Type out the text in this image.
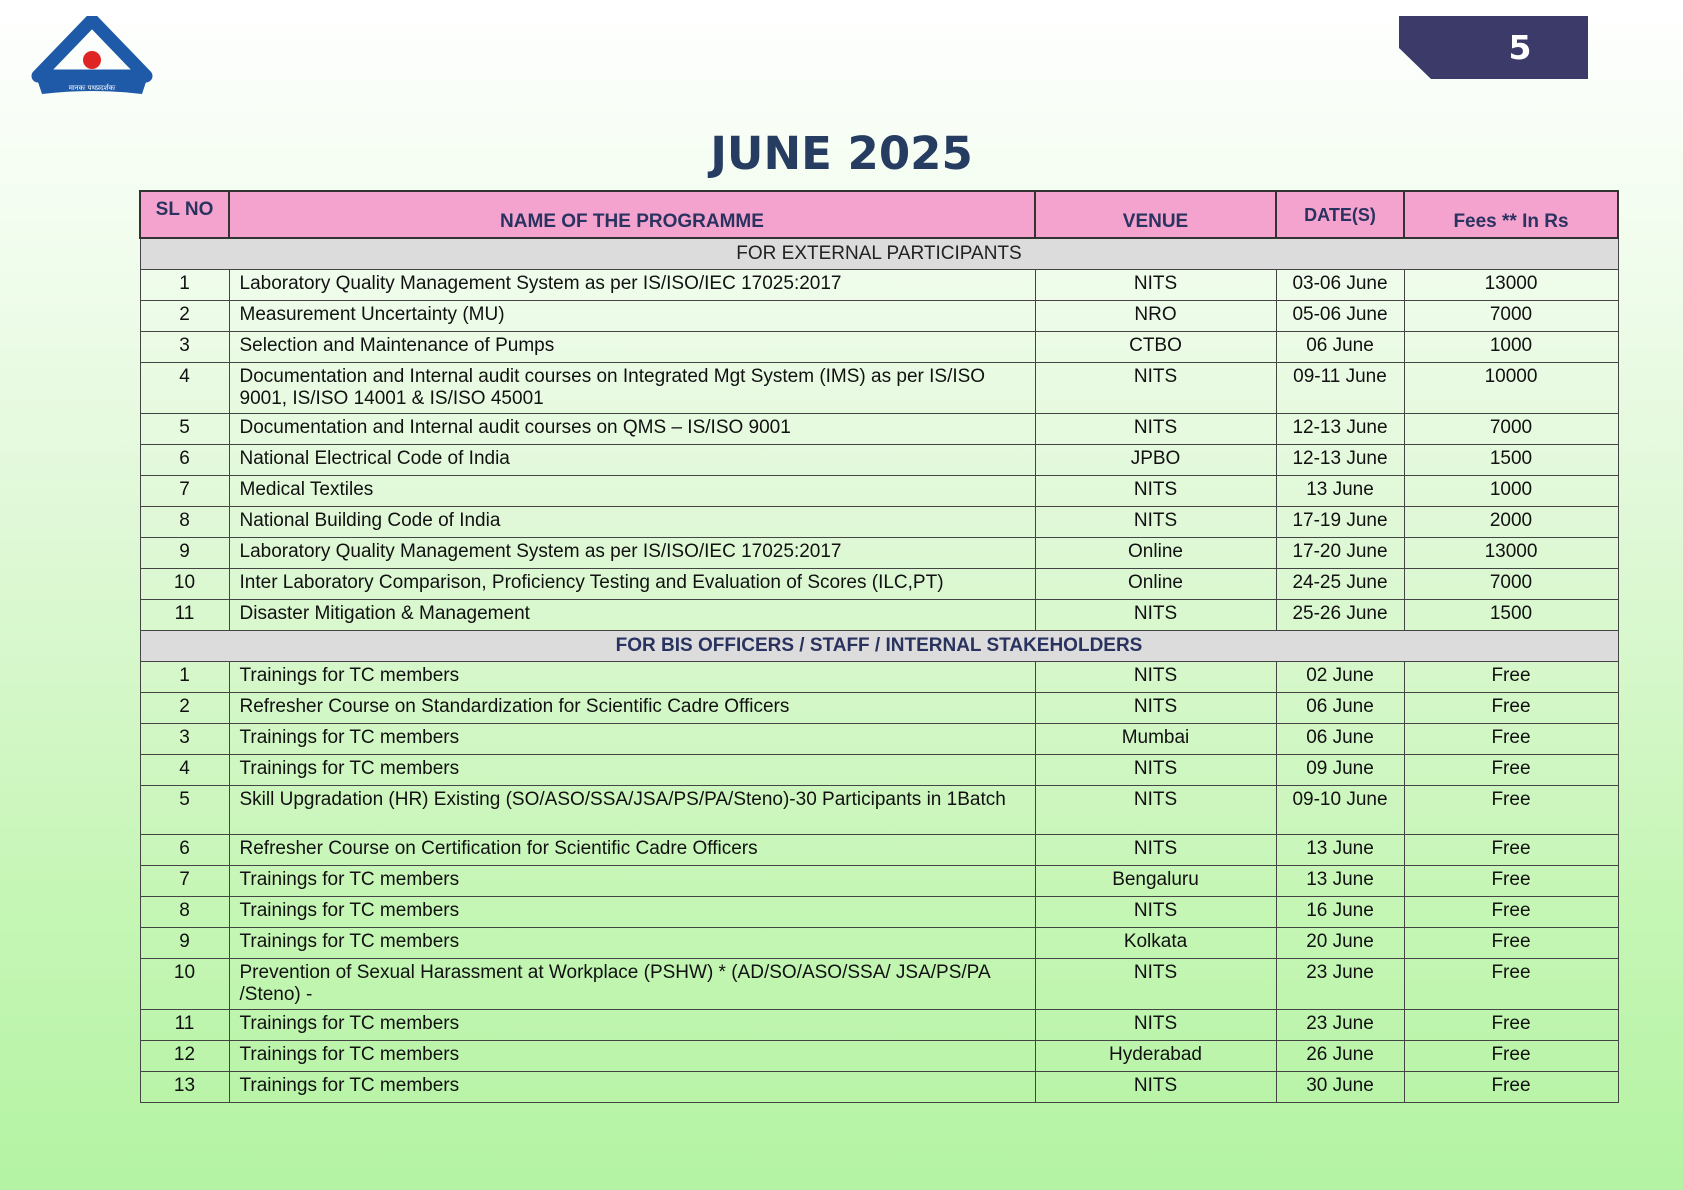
मानकः पथप्रदर्शकः
5
JUNE 2025
SL NO	NAME OF THE PROGRAMME	VENUE	DATE(S)	Fees ** In Rs
FOR EXTERNAL PARTICIPANTS				
1	Laboratory Quality Management System as per IS/ISO/IEC 17025:2017	NITS	03-06 June	13000
2	Measurement Uncertainty (MU)	NRO	05-06 June	7000
3	Selection and Maintenance of Pumps	CTBO	06 June	1000
4	Documentation and Internal audit courses on Integrated Mgt System (IMS) as per IS/ISO 9001, IS/ISO 14001 & IS/ISO 45001	NITS	09-11 June	10000
5	Documentation and Internal audit courses on QMS – IS/ISO 9001	NITS	12-13 June	7000
6	National Electrical Code of India	JPBO	12-13 June	1500
7	Medical Textiles	NITS	13 June	1000
8	National Building Code of India	NITS	17-19 June	2000
9	Laboratory Quality Management System as per IS/ISO/IEC 17025:2017	Online	17-20 June	13000
10	Inter Laboratory Comparison, Proficiency Testing and Evaluation of Scores (ILC,PT)	Online	24-25 June	7000
11	Disaster Mitigation & Management	NITS	25-26 June	1500
FOR BIS OFFICERS / STAFF / INTERNAL STAKEHOLDERS				
1	Trainings for TC members	NITS	02 June	Free
2	Refresher Course on Standardization for Scientific Cadre Officers	NITS	06 June	Free
3	Trainings for TC members	Mumbai	06 June	Free
4	Trainings for TC members	NITS	09 June	Free
5	Skill Upgradation (HR) Existing (SO/ASO/SSA/JSA/PS/PA/Steno)-30 Participants in 1Batch	NITS	09-10 June	Free
6	Refresher Course on Certification for Scientific Cadre Officers	NITS	13 June	Free
7	Trainings for TC members	Bengaluru	13 June	Free
8	Trainings for TC members	NITS	16 June	Free
9	Trainings for TC members	Kolkata	20 June	Free
10	Prevention of Sexual Harassment at Workplace (PSHW) * (AD/SO/ASO/SSA/ JSA/PS/PA /Steno) -	NITS	23 June	Free
11	Trainings for TC members	NITS	23 June	Free
12	Trainings for TC members	Hyderabad	26 June	Free
13	Trainings for TC members	NITS	30 June	Free
